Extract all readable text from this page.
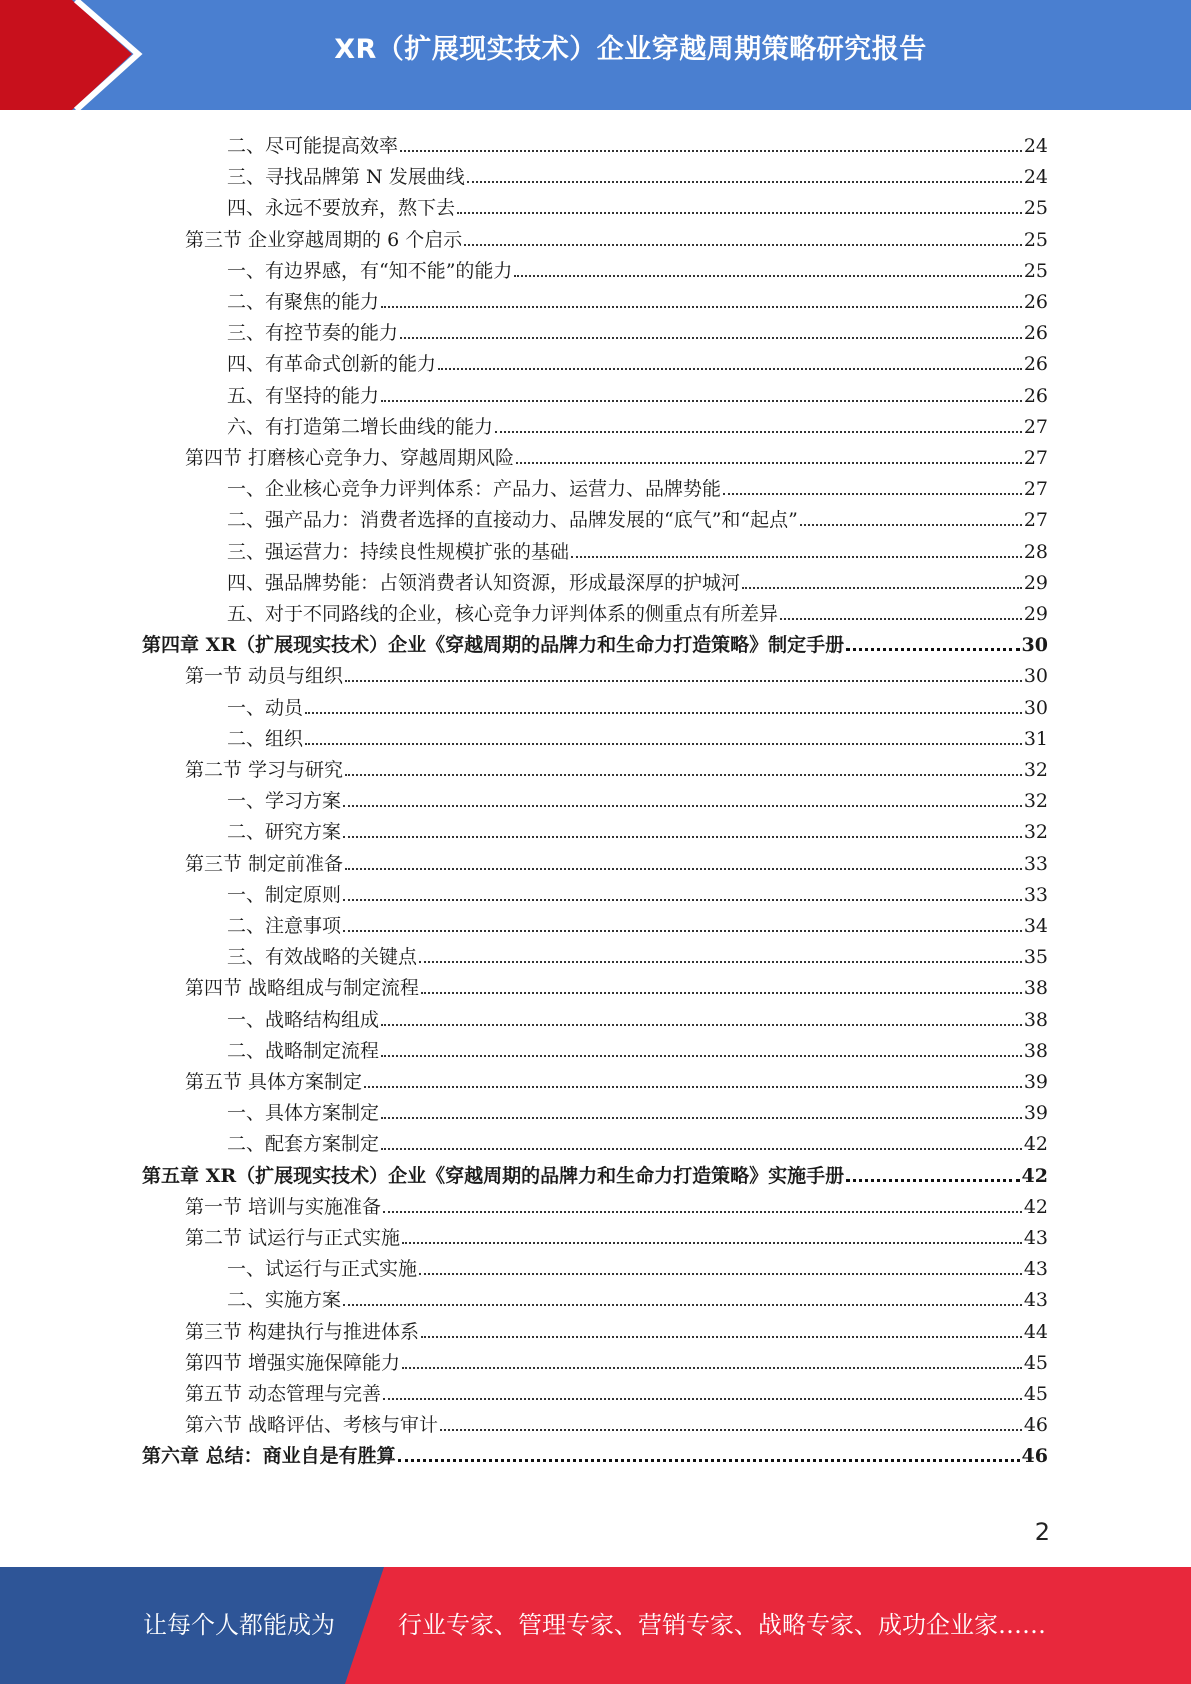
XR（扩展现实技术）企业穿越周期策略研究报告
二、尽可能提高效率	24
三、寻找品牌第 N 发展曲线	24
四、永远不要放弃，熬下去	25
第三节 企业穿越周期的 6 个启示	25
一、有边界感，有“知不能”的能力	25
二、有聚焦的能力	26
三、有控节奏的能力	26
四、有革命式创新的能力	26
五、有坚持的能力	26
六、有打造第二增长曲线的能力	27
第四节 打磨核心竞争力、穿越周期风险	27
一、企业核心竞争力评判体系：产品力、运营力、品牌势能	27
二、强产品力：消费者选择的直接动力、品牌发展的“底气”和“起点”	27
三、强运营力：持续良性规模扩张的基础	28
四、强品牌势能：占领消费者认知资源，形成最深厚的护城河	29
五、对于不同路线的企业，核心竞争力评判体系的侧重点有所差异	29
第四章 XR（扩展现实技术）企业《穿越周期的品牌力和生命力打造策略》制定手册	30
第一节 动员与组织	30
一、动员	30
二、组织	31
第二节 学习与研究	32
一、学习方案	32
二、研究方案	32
第三节 制定前准备	33
一、制定原则	33
二、注意事项	34
三、有效战略的关键点	35
第四节 战略组成与制定流程	38
一、战略结构组成	38
二、战略制定流程	38
第五节 具体方案制定	39
一、具体方案制定	39
二、配套方案制定	42
第五章 XR（扩展现实技术）企业《穿越周期的品牌力和生命力打造策略》实施手册	42
第一节 培训与实施准备	42
第二节 试运行与正式实施	43
一、试运行与正式实施	43
二、实施方案	43
第三节 构建执行与推进体系	44
第四节 增强实施保障能力	45
第五节 动态管理与完善	45
第六节 战略评估、考核与审计	46
第六章 总结：商业自是有胜算	46
2
让每个人都能成为	行业专家、管理专家、营销专家、战略专家、成功企业家……
